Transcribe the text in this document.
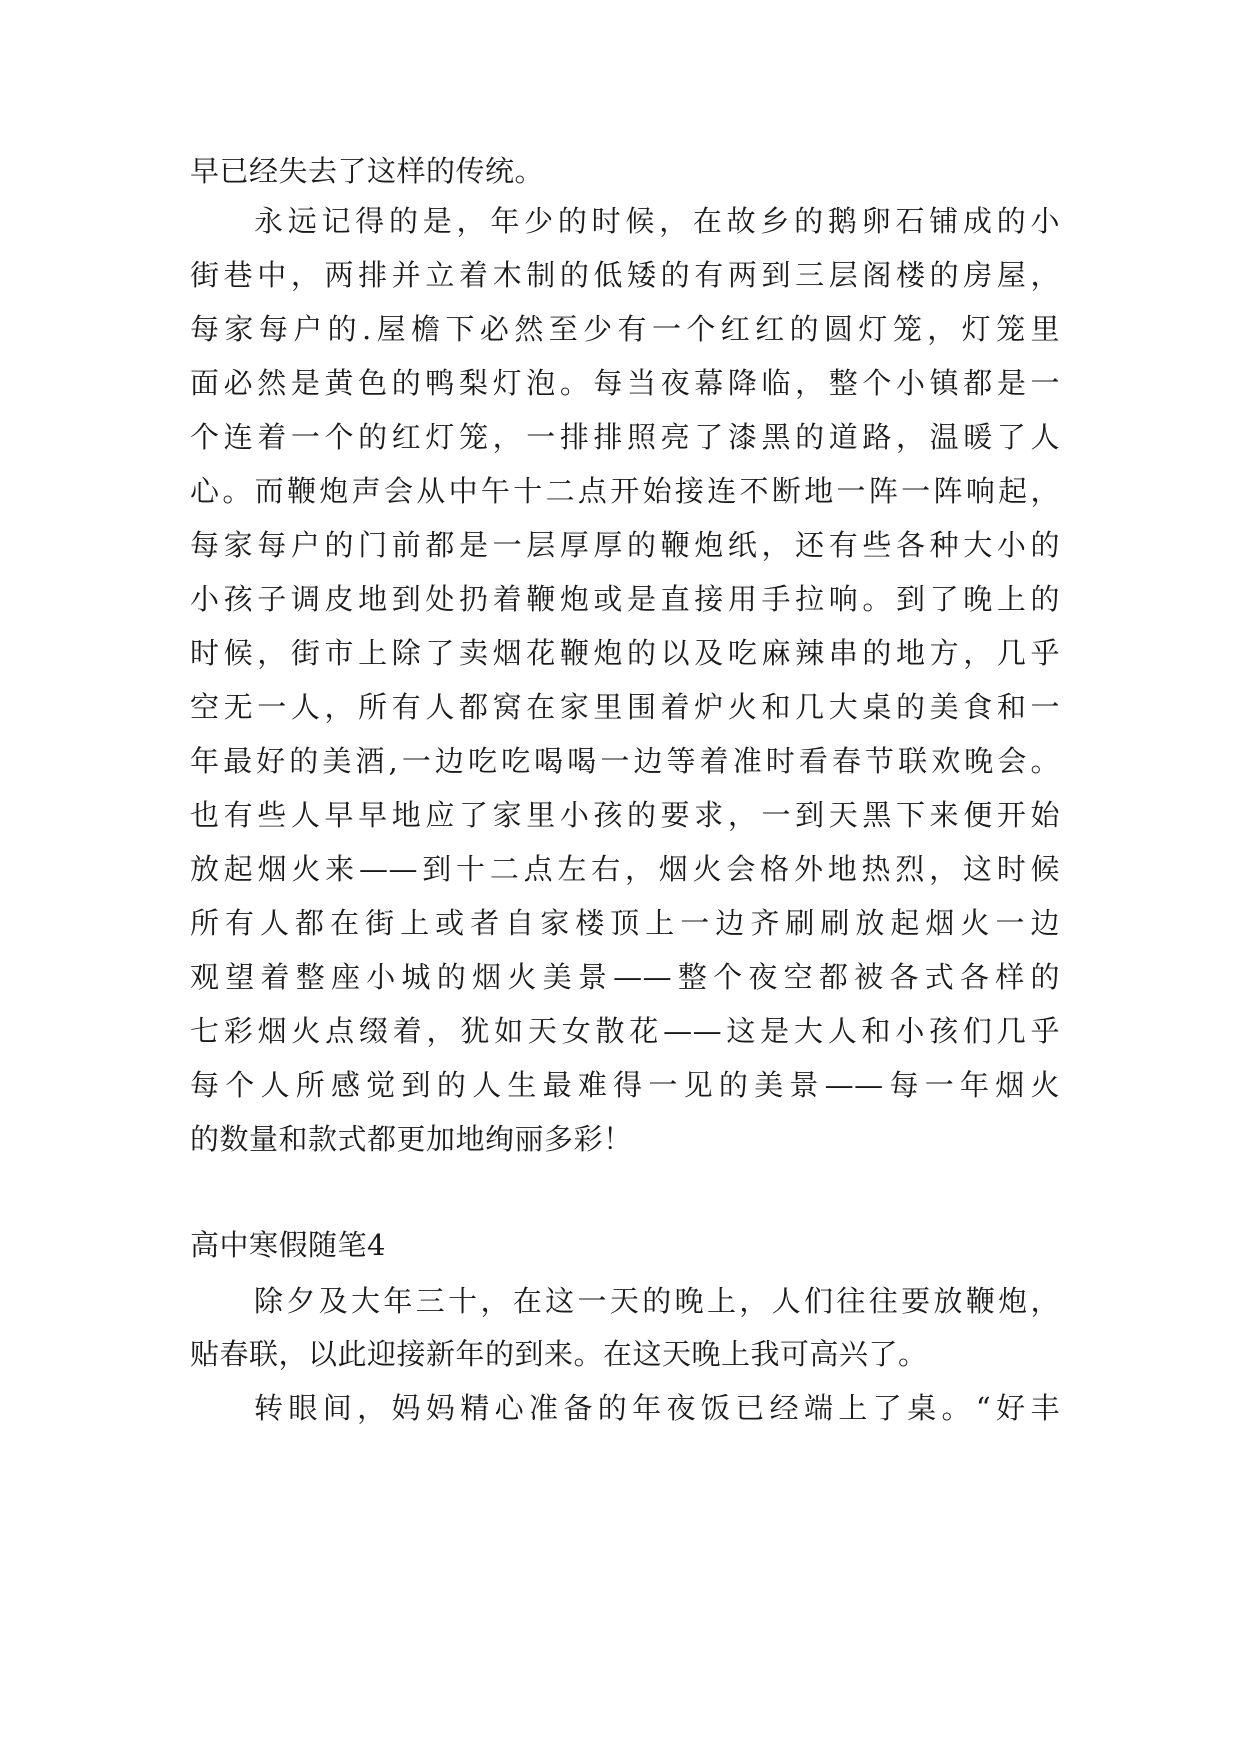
早已经失去了这样的传统。
永远记得的是，年少的时候，在故乡的鹅卵石铺成的小
街巷中，两排并立着木制的低矮的有两到三层阁楼的房屋，
每家每户的.屋檐下必然至少有一个红红的圆灯笼，灯笼里
面必然是黄色的鸭梨灯泡。每当夜幕降临，整个小镇都是一
个连着一个的红灯笼，一排排照亮了漆黑的道路，温暖了人
心。而鞭炮声会从中午十二点开始接连不断地一阵一阵响起，
每家每户的门前都是一层厚厚的鞭炮纸，还有些各种大小的
小孩子调皮地到处扔着鞭炮或是直接用手拉响。到了晚上的
时候，街市上除了卖烟花鞭炮的以及吃麻辣串的地方，几乎
空无一人，所有人都窝在家里围着炉火和几大桌的美食和一
年最好的美酒,一边吃吃喝喝一边等着准时看春节联欢晚会。
也有些人早早地应了家里小孩的要求，一到天黑下来便开始
放起烟火来——到十二点左右，烟火会格外地热烈，这时候
所有人都在街上或者自家楼顶上一边齐刷刷放起烟火一边
观望着整座小城的烟火美景——整个夜空都被各式各样的
七彩烟火点缀着，犹如天女散花——这是大人和小孩们几乎
每个人所感觉到的人生最难得一见的美景——每一年烟火
的数量和款式都更加地绚丽多彩！
高中寒假随笔4
除夕及大年三十，在这一天的晚上，人们往往要放鞭炮，
贴春联，以此迎接新年的到来。在这天晚上我可高兴了。
转眼间，妈妈精心准备的年夜饭已经端上了桌。“好丰
